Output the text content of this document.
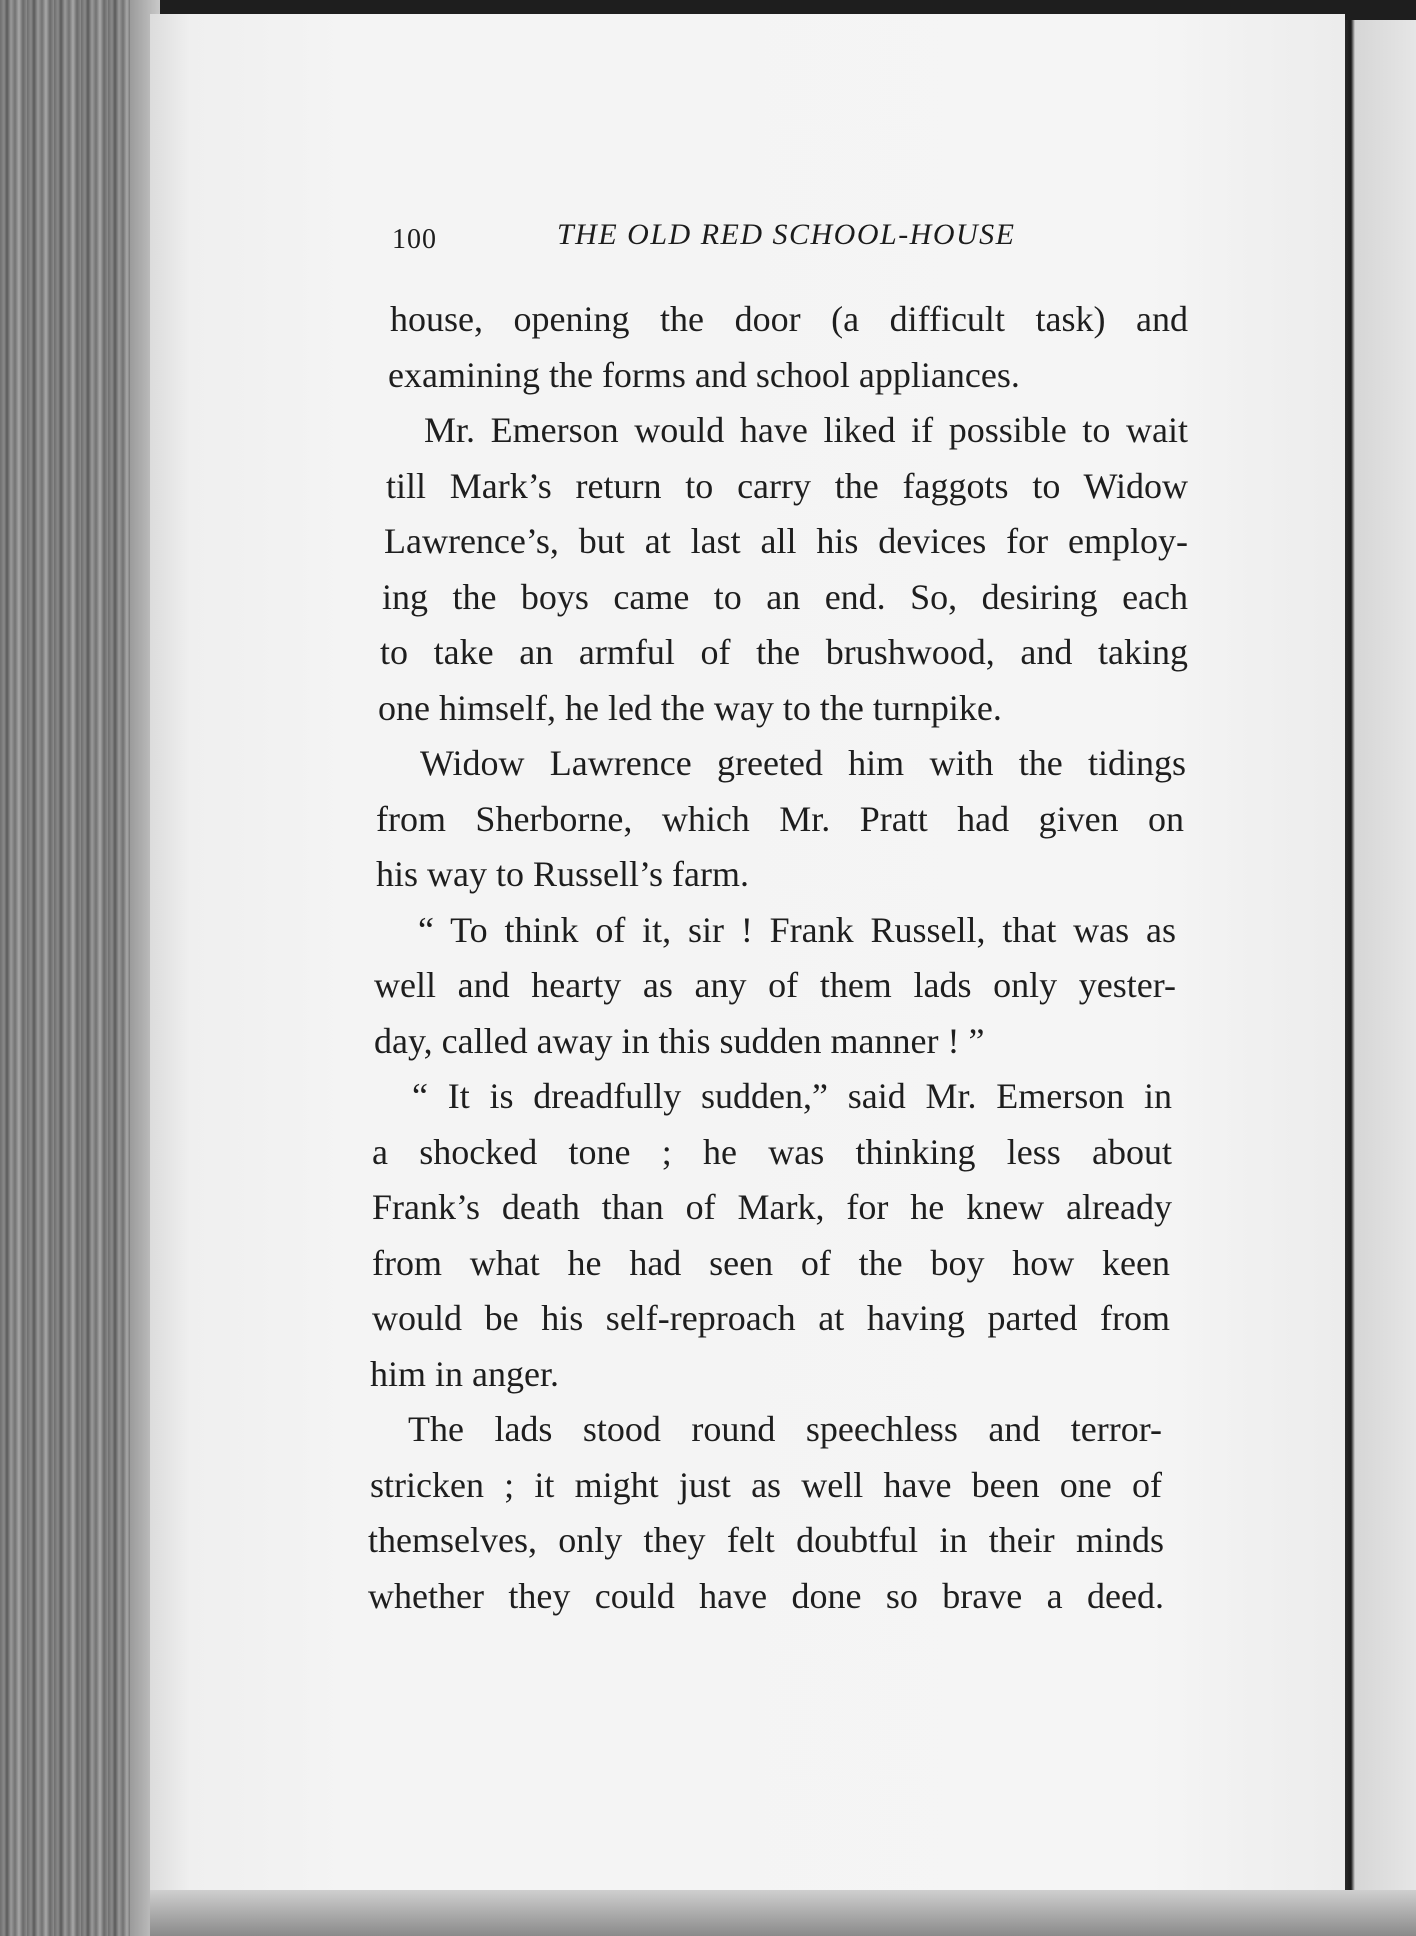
100	THE OLD RED SCHOOL-HOUSE
house, opening the door (a difficult task) and
examining the forms and school appliances.
Mr. Emerson would have liked if possible to wait
till Mark’s return to carry the faggots to Widow
Lawrence’s, but at last all his devices for employ-
ing the boys came to an end. So, desiring each
to take an armful of the brushwood, and taking
one himself, he led the way to the turnpike.
Widow Lawrence greeted him with the tidings
from Sherborne, which Mr. Pratt had given on
his way to Russell’s farm.
“ To think of it, sir ! Frank Russell, that was as
well and hearty as any of them lads only yester-
day, called away in this sudden manner ! ”
“ It is dreadfully sudden,” said Mr. Emerson in
a shocked tone ; he was thinking less about
Frank’s death than of Mark, for he knew already
from what he had seen of the boy how keen
would be his self-reproach at having parted from
him in anger.
The lads stood round speechless and terror-
stricken ; it might just as well have been one of
themselves, only they felt doubtful in their minds
whether they could have done so brave a deed.
